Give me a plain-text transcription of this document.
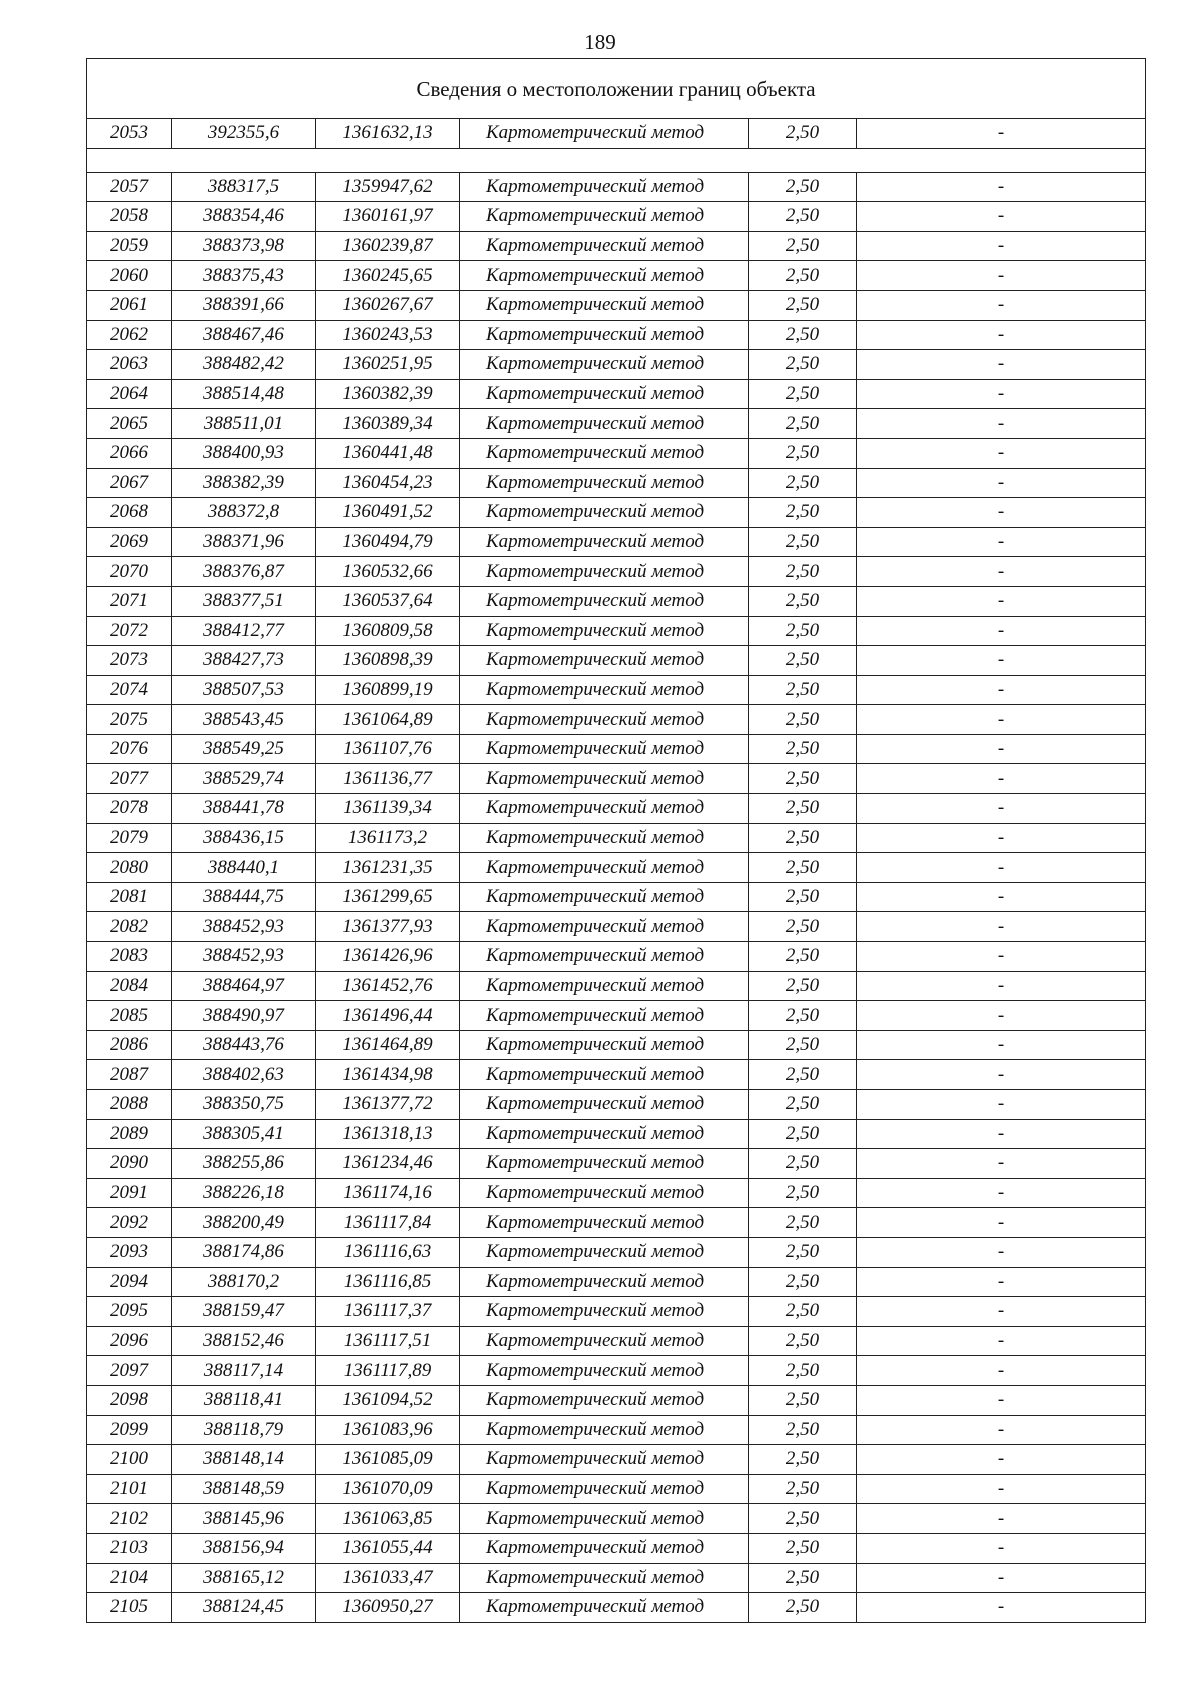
189
Сведения о местоположении границ объекта					
2053	392355,6	1361632,13	Картометрический метод	2,50	-

2057	388317,5	1359947,62	Картометрический метод	2,50	-
2058	388354,46	1360161,97	Картометрический метод	2,50	-
2059	388373,98	1360239,87	Картометрический метод	2,50	-
2060	388375,43	1360245,65	Картометрический метод	2,50	-
2061	388391,66	1360267,67	Картометрический метод	2,50	-
2062	388467,46	1360243,53	Картометрический метод	2,50	-
2063	388482,42	1360251,95	Картометрический метод	2,50	-
2064	388514,48	1360382,39	Картометрический метод	2,50	-
2065	388511,01	1360389,34	Картометрический метод	2,50	-
2066	388400,93	1360441,48	Картометрический метод	2,50	-
2067	388382,39	1360454,23	Картометрический метод	2,50	-
2068	388372,8	1360491,52	Картометрический метод	2,50	-
2069	388371,96	1360494,79	Картометрический метод	2,50	-
2070	388376,87	1360532,66	Картометрический метод	2,50	-
2071	388377,51	1360537,64	Картометрический метод	2,50	-
2072	388412,77	1360809,58	Картометрический метод	2,50	-
2073	388427,73	1360898,39	Картометрический метод	2,50	-
2074	388507,53	1360899,19	Картометрический метод	2,50	-
2075	388543,45	1361064,89	Картометрический метод	2,50	-
2076	388549,25	1361107,76	Картометрический метод	2,50	-
2077	388529,74	1361136,77	Картометрический метод	2,50	-
2078	388441,78	1361139,34	Картометрический метод	2,50	-
2079	388436,15	1361173,2	Картометрический метод	2,50	-
2080	388440,1	1361231,35	Картометрический метод	2,50	-
2081	388444,75	1361299,65	Картометрический метод	2,50	-
2082	388452,93	1361377,93	Картометрический метод	2,50	-
2083	388452,93	1361426,96	Картометрический метод	2,50	-
2084	388464,97	1361452,76	Картометрический метод	2,50	-
2085	388490,97	1361496,44	Картометрический метод	2,50	-
2086	388443,76	1361464,89	Картометрический метод	2,50	-
2087	388402,63	1361434,98	Картометрический метод	2,50	-
2088	388350,75	1361377,72	Картометрический метод	2,50	-
2089	388305,41	1361318,13	Картометрический метод	2,50	-
2090	388255,86	1361234,46	Картометрический метод	2,50	-
2091	388226,18	1361174,16	Картометрический метод	2,50	-
2092	388200,49	1361117,84	Картометрический метод	2,50	-
2093	388174,86	1361116,63	Картометрический метод	2,50	-
2094	388170,2	1361116,85	Картометрический метод	2,50	-
2095	388159,47	1361117,37	Картометрический метод	2,50	-
2096	388152,46	1361117,51	Картометрический метод	2,50	-
2097	388117,14	1361117,89	Картометрический метод	2,50	-
2098	388118,41	1361094,52	Картометрический метод	2,50	-
2099	388118,79	1361083,96	Картометрический метод	2,50	-
2100	388148,14	1361085,09	Картометрический метод	2,50	-
2101	388148,59	1361070,09	Картометрический метод	2,50	-
2102	388145,96	1361063,85	Картометрический метод	2,50	-
2103	388156,94	1361055,44	Картометрический метод	2,50	-
2104	388165,12	1361033,47	Картометрический метод	2,50	-
2105	388124,45	1360950,27	Картометрический метод	2,50	-
